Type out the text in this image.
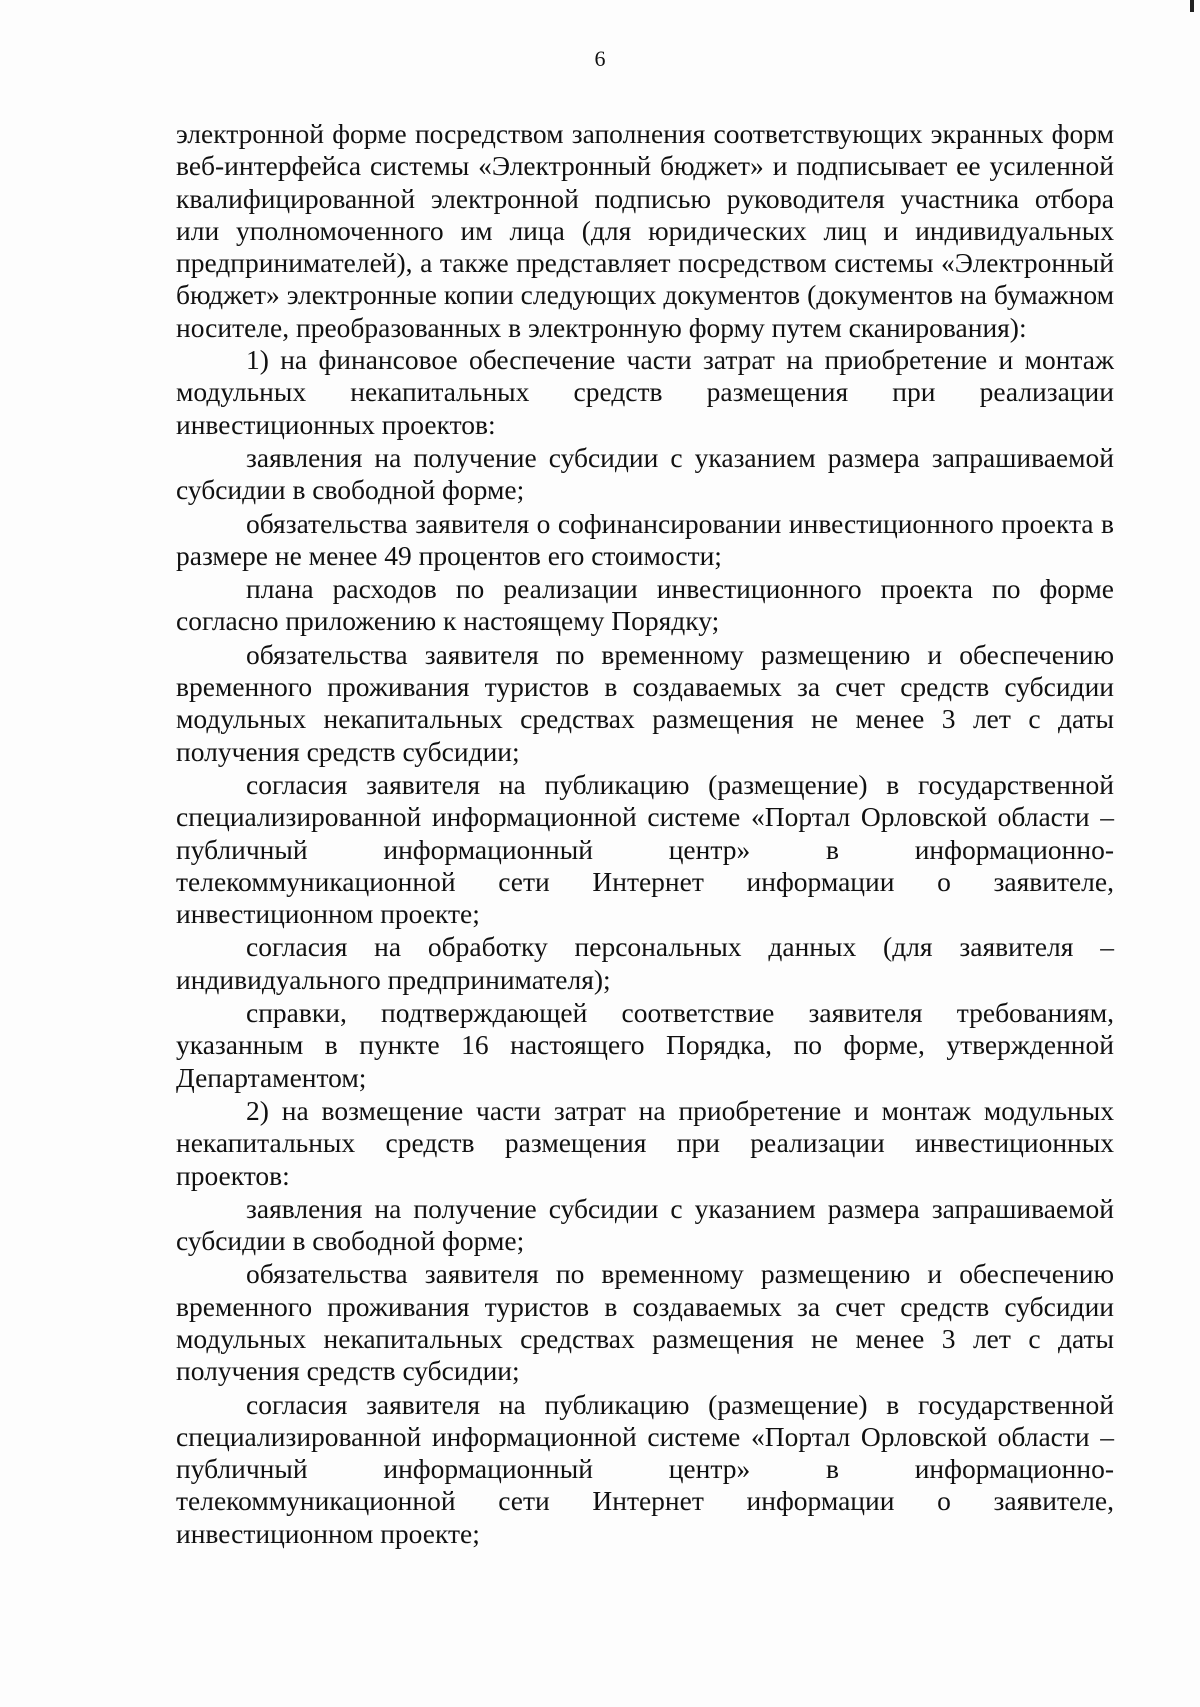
6

электронной форме посредством заполнения соответствующих экранных форм веб-интерфейса системы «Электронный бюджет» и подписывает ее усиленной квалифицированной электронной подписью руководителя участника отбора или уполномоченного им лица (для юридических лиц и индивидуальных предпринимателей), а также представляет посредством системы «Электронный бюджет» электронные копии следующих документов (документов на бумажном носителе, преобразованных в электронную форму путем сканирования):

1) на финансовое обеспечение части затрат на приобретение и монтаж модульных некапитальных средств размещения при реализации инвестиционных проектов:

заявления на получение субсидии с указанием размера запрашиваемой субсидии в свободной форме;

обязательства заявителя о софинансировании инвестиционного проекта в размере не менее 49 процентов его стоимости;

плана расходов по реализации инвестиционного проекта по форме согласно приложению к настоящему Порядку;

обязательства заявителя по временному размещению и обеспечению временного проживания туристов в создаваемых за счет средств субсидии модульных некапитальных средствах размещения не менее 3 лет с даты получения средств субсидии;

согласия заявителя на публикацию (размещение) в государственной специализированной информационной системе «Портал Орловской области – публичный информационный центр» в информационно-телекоммуникационной сети Интернет информации о заявителе, инвестиционном проекте;

согласия на обработку персональных данных (для заявителя – индивидуального предпринимателя);

справки, подтверждающей соответствие заявителя требованиям, указанным в пункте 16 настоящего Порядка, по форме, утвержденной Департаментом;

2) на возмещение части затрат на приобретение и монтаж модульных некапитальных средств размещения при реализации инвестиционных проектов:

заявления на получение субсидии с указанием размера запрашиваемой субсидии в свободной форме;

обязательства заявителя по временному размещению и обеспечению временного проживания туристов в создаваемых за счет средств субсидии модульных некапитальных средствах размещения не менее 3 лет с даты получения средств субсидии;

согласия заявителя на публикацию (размещение) в государственной специализированной информационной системе «Портал Орловской области – публичный информационный центр» в информационно-телекоммуникационной сети Интернет информации о заявителе, инвестиционном проекте;
